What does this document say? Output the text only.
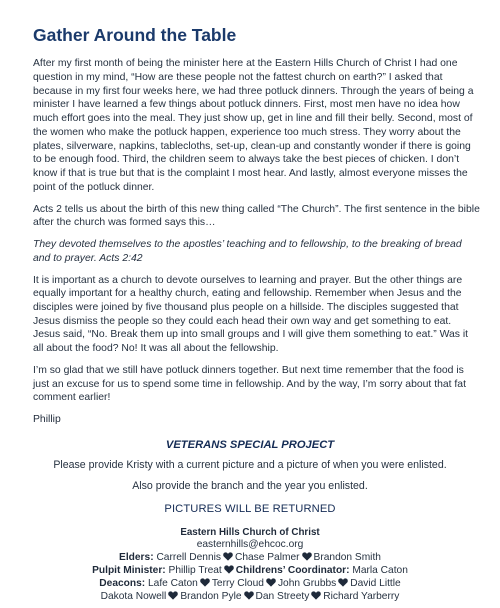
Gather Around the Table

After my first month of being the minister here at the Eastern Hills Church of Christ I had one question in my mind, “How are these people not the fattest church on earth?” I asked that because in my first four weeks here, we had three potluck dinners. Through the years of being a minister I have learned a few things about potluck dinners. First, most men have no idea how much effort goes into the meal. They just show up, get in line and fill their belly. Second, most of the women who make the potluck happen, experience too much stress. They worry about the plates, silverware, napkins, tablecloths, set-up, clean-up and constantly wonder if there is going to be enough food. Third, the children seem to always take the best pieces of chicken. I don’t know if that is true but that is the complaint I most hear. And lastly, almost everyone misses the point of the potluck dinner.

Acts 2 tells us about the birth of this new thing called “The Church”. The first sentence in the bible after the church was formed says this…

They devoted themselves to the apostles’ teaching and to fellowship, to the breaking of bread and to prayer. Acts 2:42

It is important as a church to devote ourselves to learning and prayer. But the other things are equally important for a healthy church, eating and fellowship. Remember when Jesus and the disciples were joined by five thousand plus people on a hillside. The disciples suggested that Jesus dismiss the people so they could each head their own way and get something to eat. Jesus said, “No. Break them up into small groups and I will give them something to eat.” Was it all about the food? No! It was all about the fellowship.

I’m so glad that we still have potluck dinners together. But next time remember that the food is just an excuse for us to spend some time in fellowship. And by the way, I’m sorry about that fat comment earlier!

Phillip

VETERANS SPECIAL PROJECT
Please provide Kristy with a current picture and a picture of when you were enlisted.
Also provide the branch and the year you enlisted.
PICTURES WILL BE RETURNED
Eastern Hills Church of Christ
easternhills@ehcoc.org
Elders: Carrell Dennis Chase Palmer Brandon Smith
Pulpit Minister: Phillip Treat Childrens’ Coordinator: Marla Caton
Deacons: Lafe Caton Terry Cloud John Grubbs David Little
Dakota Nowell Brandon Pyle Dan Streety Richard Yarberry
